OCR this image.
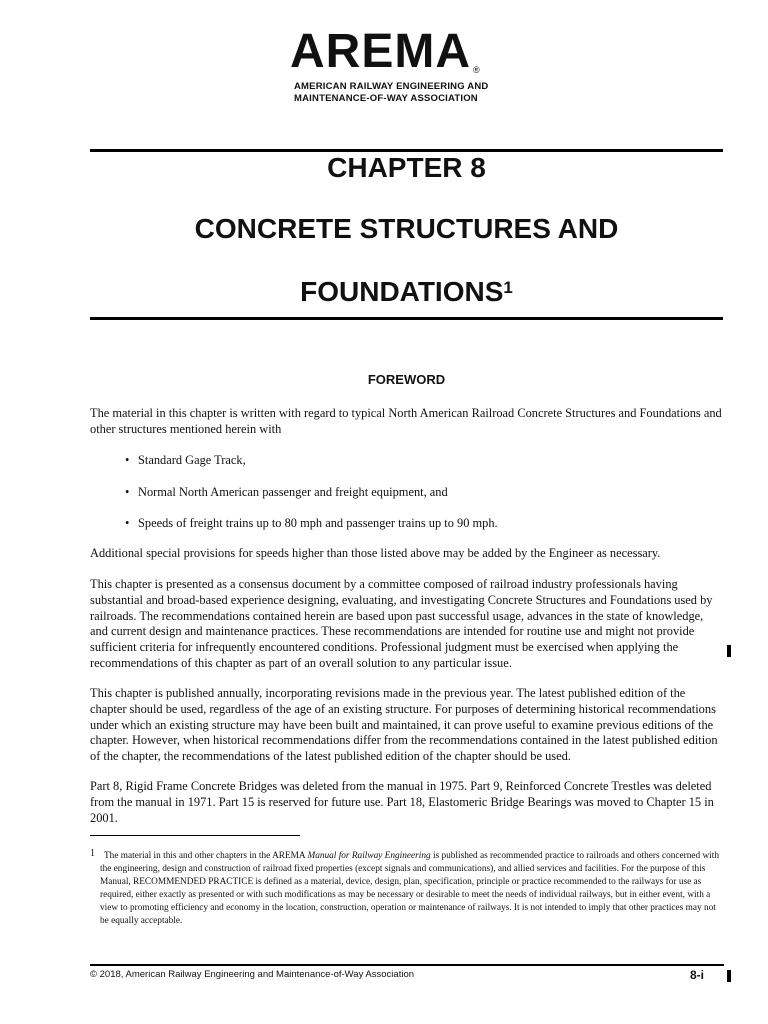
AREMA ®
AMERICAN RAILWAY ENGINEERING AND
MAINTENANCE-OF-WAY ASSOCIATION
CHAPTER 8
CONCRETE STRUCTURES AND
FOUNDATIONS$^1$
FOREWORD
The material in this chapter is written with regard to typical North American Railroad Concrete Structures and Foundations and other structures mentioned herein with
• Standard Gage Track,
• Normal North American passenger and freight equipment, and
• Speeds of freight trains up to 80 mph and passenger trains up to 90 mph.
Additional special provisions for speeds higher than those listed above may be added by the Engineer as necessary.
This chapter is presented as a consensus document by a committee composed of railroad industry professionals having substantial and broad-based experience designing, evaluating, and investigating Concrete Structures and Foundations used by railroads. The recommendations contained herein are based upon past successful usage, advances in the state of knowledge, and current design and maintenance practices. These recommendations are intended for routine use and might not provide sufficient criteria for infrequently encountered conditions. Professional judgment must be exercised when applying the recommendations of this chapter as part of an overall solution to any particular issue.
This chapter is published annually, incorporating revisions made in the previous year. The latest published edition of the chapter should be used, regardless of the age of an existing structure. For purposes of determining historical recommendations under which an existing structure may have been built and maintained, it can prove useful to examine previous editions of the chapter. However, when historical recommendations differ from the recommendations contained in the latest published edition of the chapter, the recommendations of the latest published edition of the chapter should be used.
Part 8, Rigid Frame Concrete Bridges was deleted from the manual in 1975. Part 9, Reinforced Concrete Trestles was deleted from the manual in 1971. Part 15 is reserved for future use. Part 18, Elastomeric Bridge Bearings was moved to Chapter 15 in 2001.
1 The material in this and other chapters in the AREMA Manual for Railway Engineering is published as recommended practice to railroads and others concerned with the engineering, design and construction of railroad fixed properties (except signals and communications), and allied services and facilities. For the purpose of this Manual, RECOMMENDED PRACTICE is defined as a material, device, design, plan, specification, principle or practice recommended to the railways for use as required, either exactly as presented or with such modifications as may be necessary or desirable to meet the needs of individual railways, but in either event, with a view to promoting efficiency and economy in the location, construction, operation or maintenance of railways. It is not intended to imply that other practices may not be equally acceptable.
© 2018, American Railway Engineering and Maintenance-of-Way Association	8-i
